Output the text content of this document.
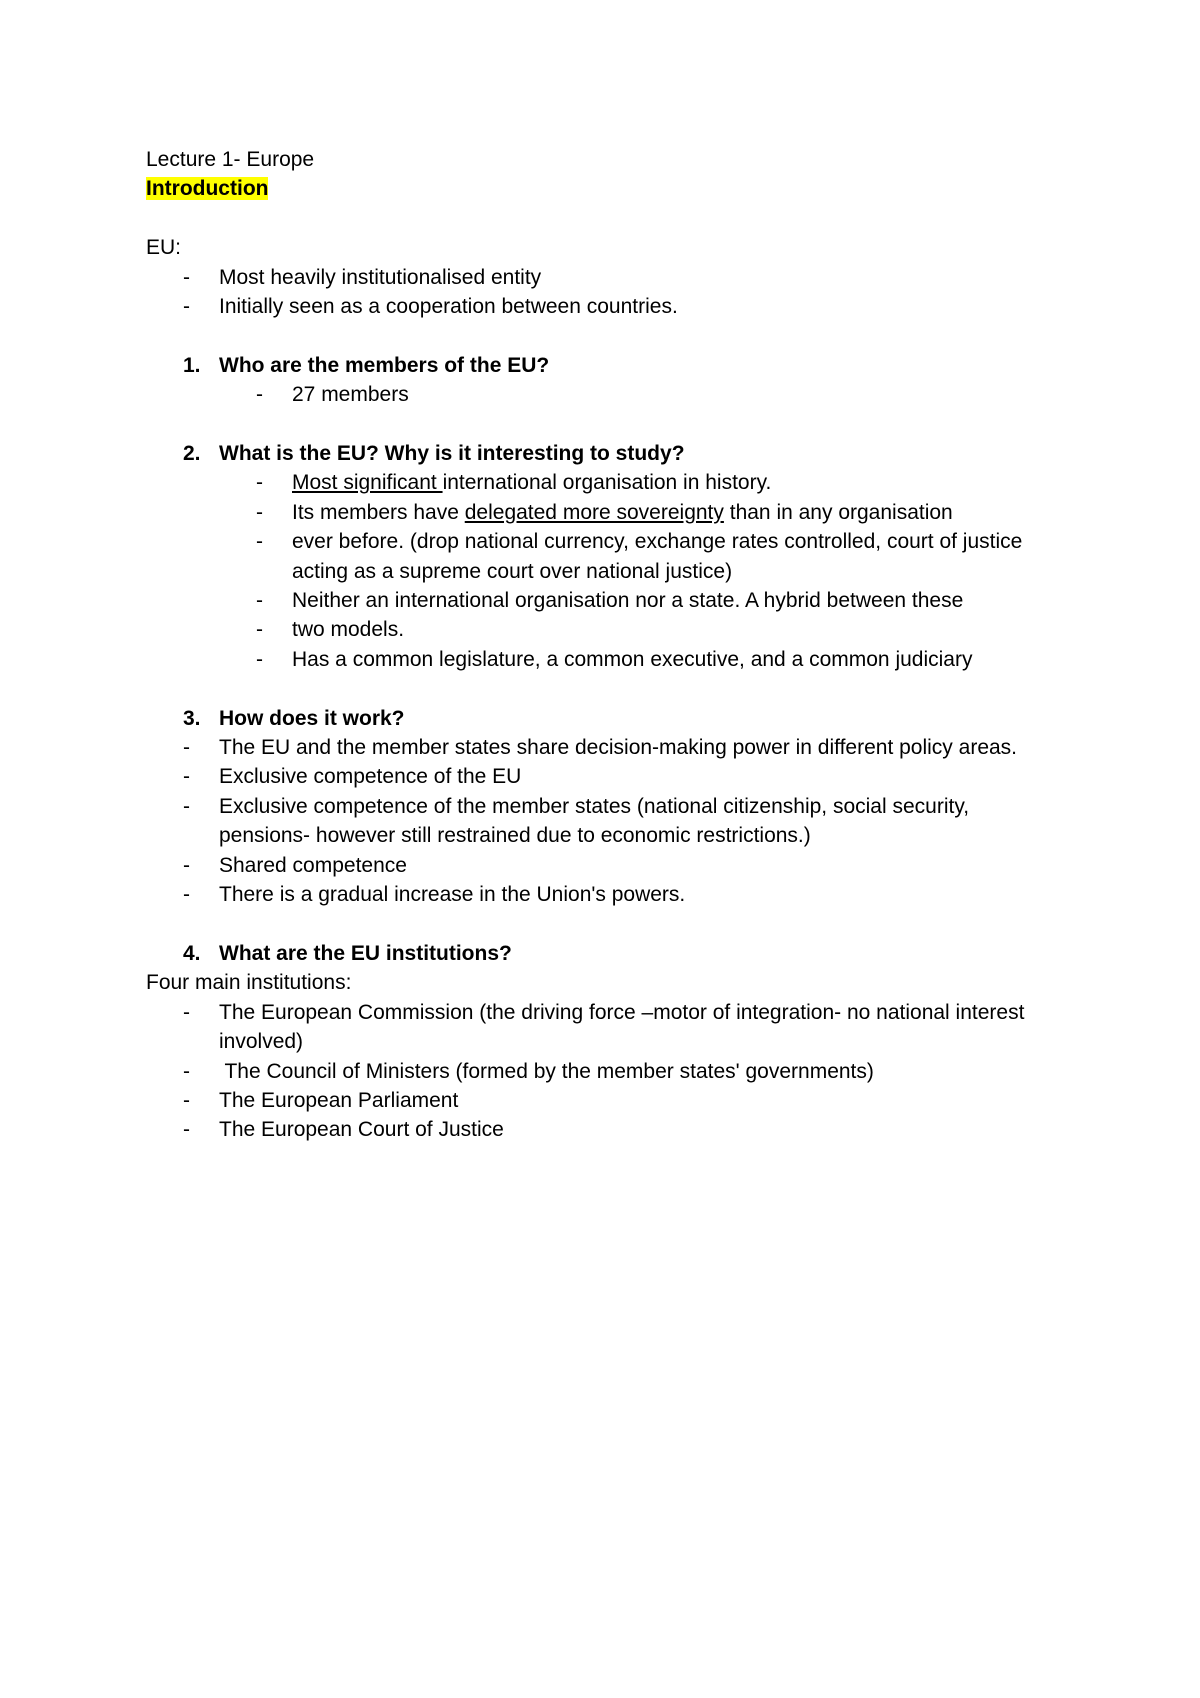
Lecture 1- Europe
Introduction
EU:
- Most heavily institutionalised entity
- Initially seen as a cooperation between countries.
1. Who are the members of the EU?
- 27 members
2. What is the EU? Why is it interesting to study?
- Most significant international organisation in history.
- Its members have delegated more sovereignty than in any organisation
- ever before. (drop national currency, exchange rates controlled, court of justice acting as a supreme court over national justice)
- Neither an international organisation nor a state. A hybrid between these
- two models.
- Has a common legislature, a common executive, and a common judiciary
3. How does it work?
- The EU and the member states share decision-making power in different policy areas.
- Exclusive competence of the EU
- Exclusive competence of the member states (national citizenship, social security, pensions- however still restrained due to economic restrictions.)
- Shared competence
- There is a gradual increase in the Union's powers.
4. What are the EU institutions?
Four main institutions:
- The European Commission (the driving force –motor of integration- no national interest involved)
- The Council of Ministers (formed by the member states' governments)
- The European Parliament
- The European Court of Justice
